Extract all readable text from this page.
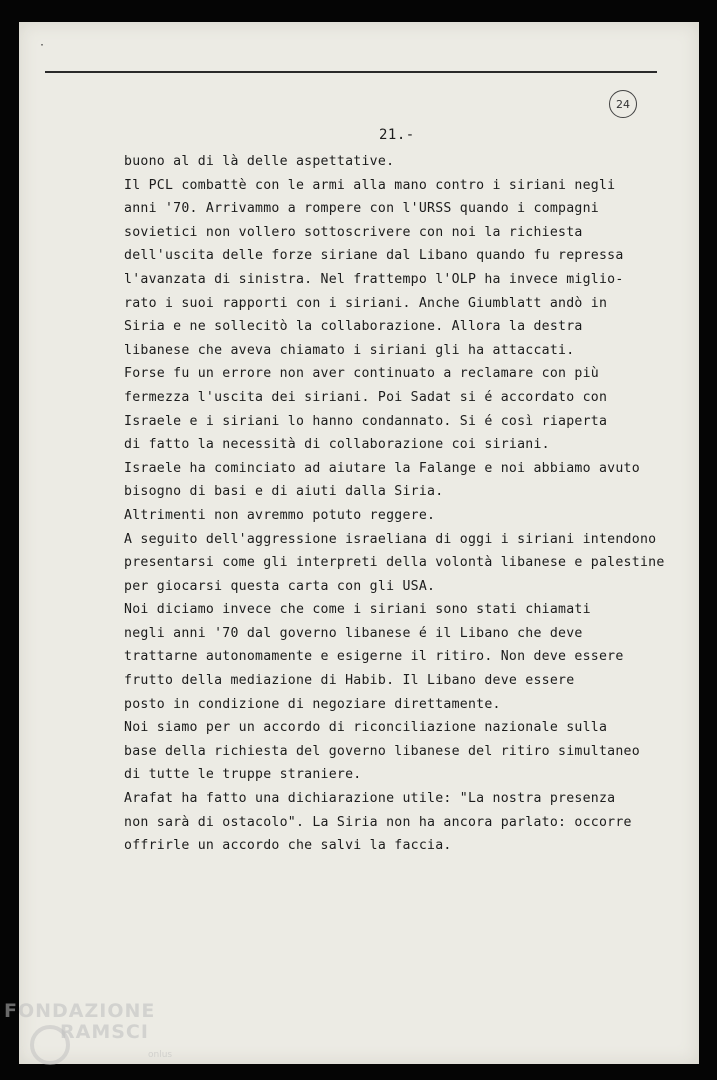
·
24
21.-
buono al di là delle aspettative.
Il PCL combattè con le armi alla mano contro i siriani negli
anni '70. Arrivammo a rompere con l'URSS quando i compagni
sovietici non vollero sottoscrivere con noi la richiesta
dell'uscita delle forze siriane dal Libano quando fu repressa
l'avanzata di sinistra. Nel frattempo l'OLP ha invece miglio-
rato i suoi rapporti con i siriani. Anche Giumblatt andò in
Siria e ne sollecitò la collaborazione. Allora la destra
libanese che aveva chiamato i siriani gli ha attaccati.
Forse fu un errore non aver continuato a reclamare con più
fermezza l'uscita dei siriani. Poi Sadat si é accordato con
Israele e i siriani lo hanno condannato. Si é così riaperta
di fatto la necessità di collaborazione coi siriani.
Israele ha cominciato ad aiutare la Falange e noi abbiamo avuto
bisogno di basi e di aiuti dalla Siria.
Altrimenti non avremmo potuto reggere.
A seguito dell'aggressione israeliana di oggi i siriani intendono
presentarsi come gli interpreti della volontà libanese e palestine
per giocarsi questa carta con gli USA.
Noi diciamo invece che come i siriani sono stati chiamati
negli anni '70 dal governo libanese é il Libano che deve
trattarne autonomamente e esigerne il ritiro. Non deve essere
frutto della mediazione di Habib. Il Libano deve essere
posto in condizione di negoziare direttamente.
Noi siamo per un accordo di riconciliazione nazionale sulla
base della richiesta del governo libanese del ritiro simultaneo
di tutte le truppe straniere.
Arafat ha fatto una dichiarazione utile: "La nostra presenza
non sarà di ostacolo". La Siria non ha ancora parlato: occorre
offrirle un accordo che salvi la faccia.
FONDAZIONE
RAMSCI
onlus
